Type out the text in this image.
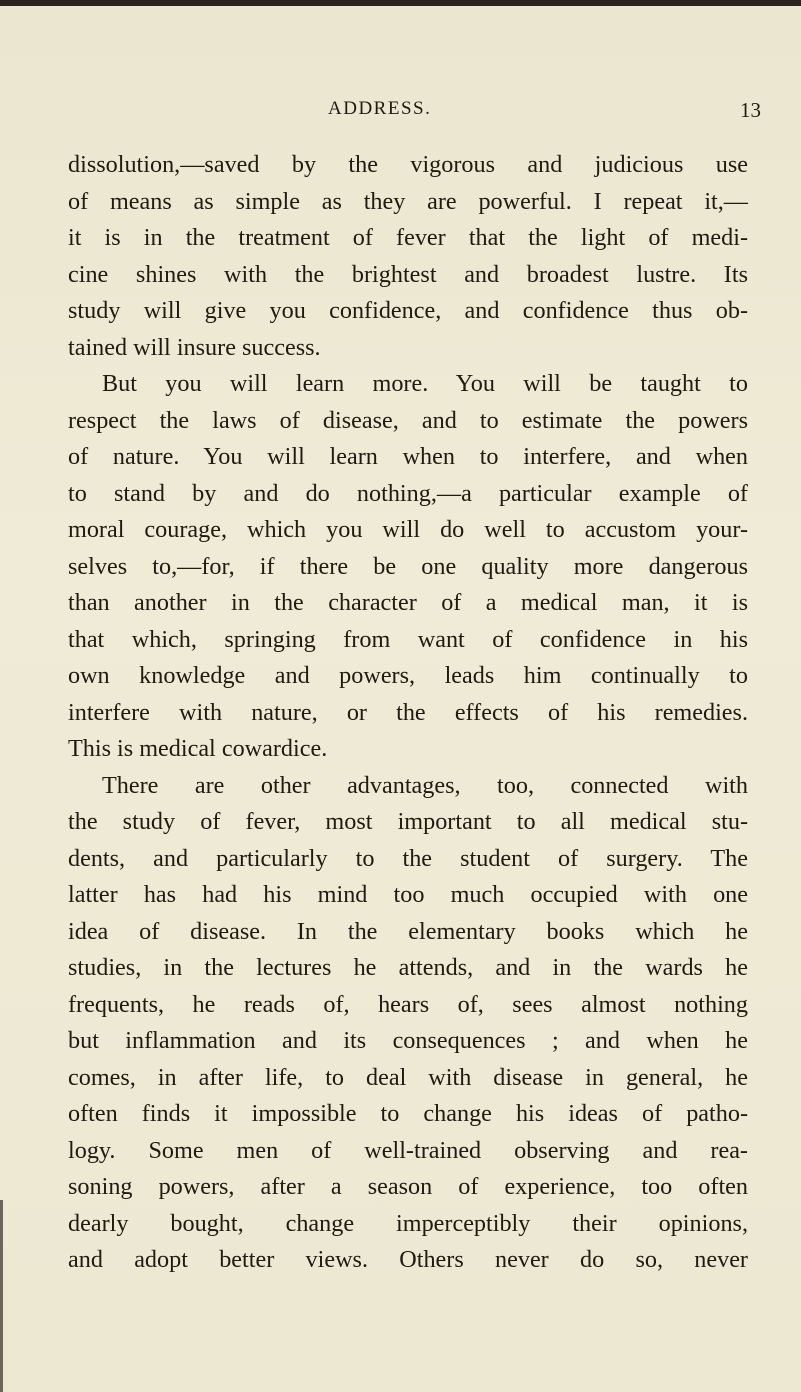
ADDRESS.	13
dissolution,—saved by the vigorous and judicious use
of means as simple as they are powerful. I repeat it,—
it is in the treatment of fever that the light of medi-
cine shines with the brightest and broadest lustre. Its
study will give you confidence, and confidence thus ob-
tained will insure success.
But you will learn more. You will be taught to
respect the laws of disease, and to estimate the powers
of nature. You will learn when to interfere, and when
to stand by and do nothing,—a particular example of
moral courage, which you will do well to accustom your-
selves to,—for, if there be one quality more dangerous
than another in the character of a medical man, it is
that which, springing from want of confidence in his
own knowledge and powers, leads him continually to
interfere with nature, or the effects of his remedies.
This is medical cowardice.
There are other advantages, too, connected with
the study of fever, most important to all medical stu-
dents, and particularly to the student of surgery. The
latter has had his mind too much occupied with one
idea of disease. In the elementary books which he
studies, in the lectures he attends, and in the wards he
frequents, he reads of, hears of, sees almost nothing
but inflammation and its consequences ; and when he
comes, in after life, to deal with disease in general, he
often finds it impossible to change his ideas of patho-
logy. Some men of well-trained observing and rea-
soning powers, after a season of experience, too often
dearly bought, change imperceptibly their opinions,
and adopt better views. Others never do so, never
